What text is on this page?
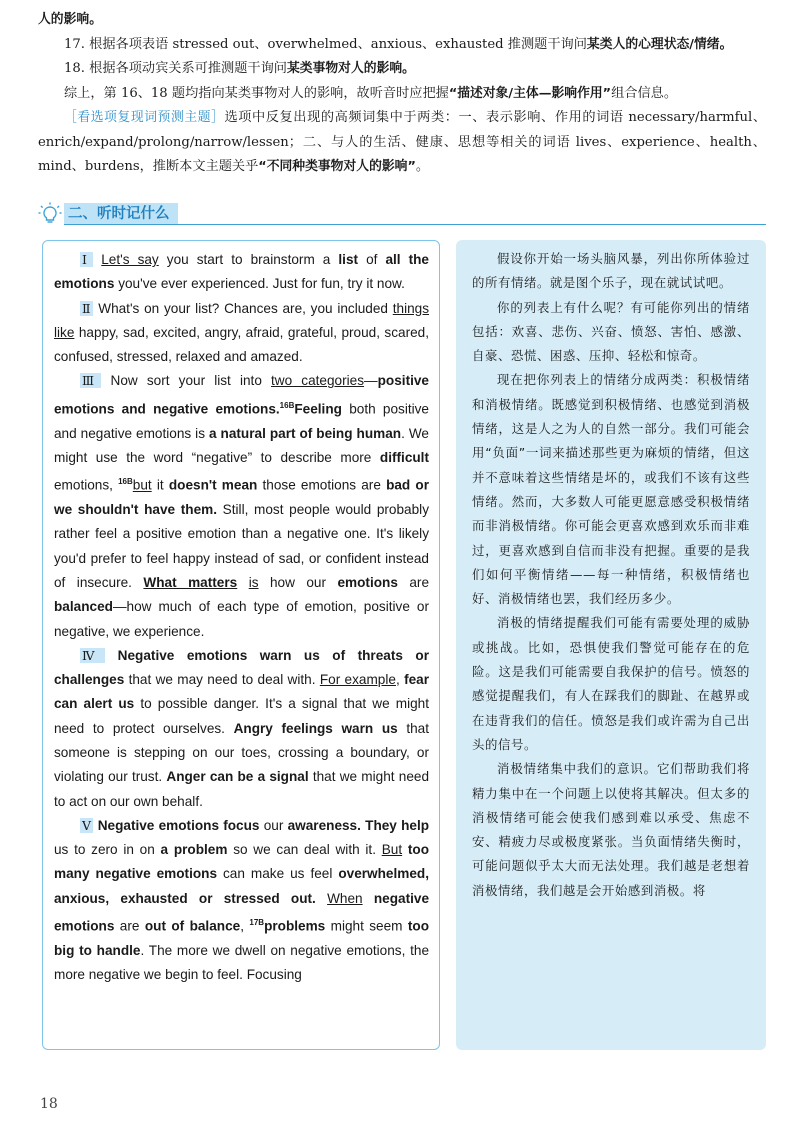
人的影响。

17. 根据各项表语 stressed out、overwhelmed、anxious、exhausted 推测题干询问某类人的心理状态/情绪。

18. 根据各项动宾关系可推测题干询问某类事物对人的影响。

综上，第 16、18 题均指向某类事物对人的影响，故听音时应把握“描述对象/主体—影响作用”组合信息。

［看选项复现词预测主题］选项中反复出现的高频词集中于两类：一、表示影响、作用的词语 necessary/harmful、enrich/expand/prolong/narrow/lessen；二、与人的生活、健康、思想等相关的词语 lives、experience、health、mind、burdens，推断本文主题关乎“不同种类事物对人的影响”。

二、听时记什么

Ⅰ Let's say you start to brainstorm a list of all the emotions you've ever experienced. Just for fun, try it now.

Ⅱ What's on your list? Chances are, you included things like happy, sad, excited, angry, afraid, grateful, proud, scared, confused, stressed, relaxed and amazed.

Ⅲ Now sort your list into two categories—positive emotions and negative emotions.$^{16B}$Feeling both positive and negative emotions is a natural part of being human. We might use the word “negative” to describe more difficult emotions, $^{16B}$but it doesn't mean those emotions are bad or we shouldn't have them. Still, most people would probably rather feel a positive emotion than a negative one. It's likely you'd prefer to feel happy instead of sad, or confident instead of insecure. What matters is how our emotions are balanced—how much of each type of emotion, positive or negative, we experience.

Ⅳ Negative emotions warn us of threats or challenges that we may need to deal with. For example, fear can alert us to possible danger. It's a signal that we might need to protect ourselves. Angry feelings warn us that someone is stepping on our toes, crossing a boundary, or violating our trust. Anger can be a signal that we might need to act on our own behalf.

Ⅴ Negative emotions focus our awareness. They help us to zero in on a problem so we can deal with it. But too many negative emotions can make us feel overwhelmed, anxious, exhausted or stressed out. When negative emotions are out of balance, $^{17B}$problems might seem too big to handle. The more we dwell on negative emotions, the more negative we begin to feel. Focusing

假设你开始一场头脑风暴，列出你所体验过的所有情绪。就是图个乐子，现在就试试吧。

你的列表上有什么呢？有可能你列出的情绪包括：欢喜、悲伤、兴奋、愤怒、害怕、感激、自豪、恐慌、困惑、压抑、轻松和惊奇。

现在把你列表上的情绪分成两类：积极情绪和消极情绪。既感觉到积极情绪、也感觉到消极情绪，这是人之为人的自然一部分。我们可能会用“负面”一词来描述那些更为麻烦的情绪，但这并不意味着这些情绪是坏的，或我们不该有这些情绪。然而，大多数人可能更愿意感受积极情绪而非消极情绪。你可能会更喜欢感到欢乐而非难过，更喜欢感到自信而非没有把握。重要的是我们如何平衡情绪——每一种情绪，积极情绪也好、消极情绪也罢，我们经历多少。

消极的情绪提醒我们可能有需要处理的威胁或挑战。比如，恐惧使我们警觉可能存在的危险。这是我们可能需要自我保护的信号。愤怒的感觉提醒我们，有人在踩我们的脚趾、在越界或在违背我们的信任。愤怒是我们或许需为自己出头的信号。

消极情绪集中我们的意识。它们帮助我们将精力集中在一个问题上以使将其解决。但太多的消极情绪可能会使我们感到难以承受、焦虑不安、精疲力尽或极度紧张。当负面情绪失衡时，可能问题似乎太大而无法处理。我们越是老想着消极情绪，我们越是会开始感到消极。将

18
